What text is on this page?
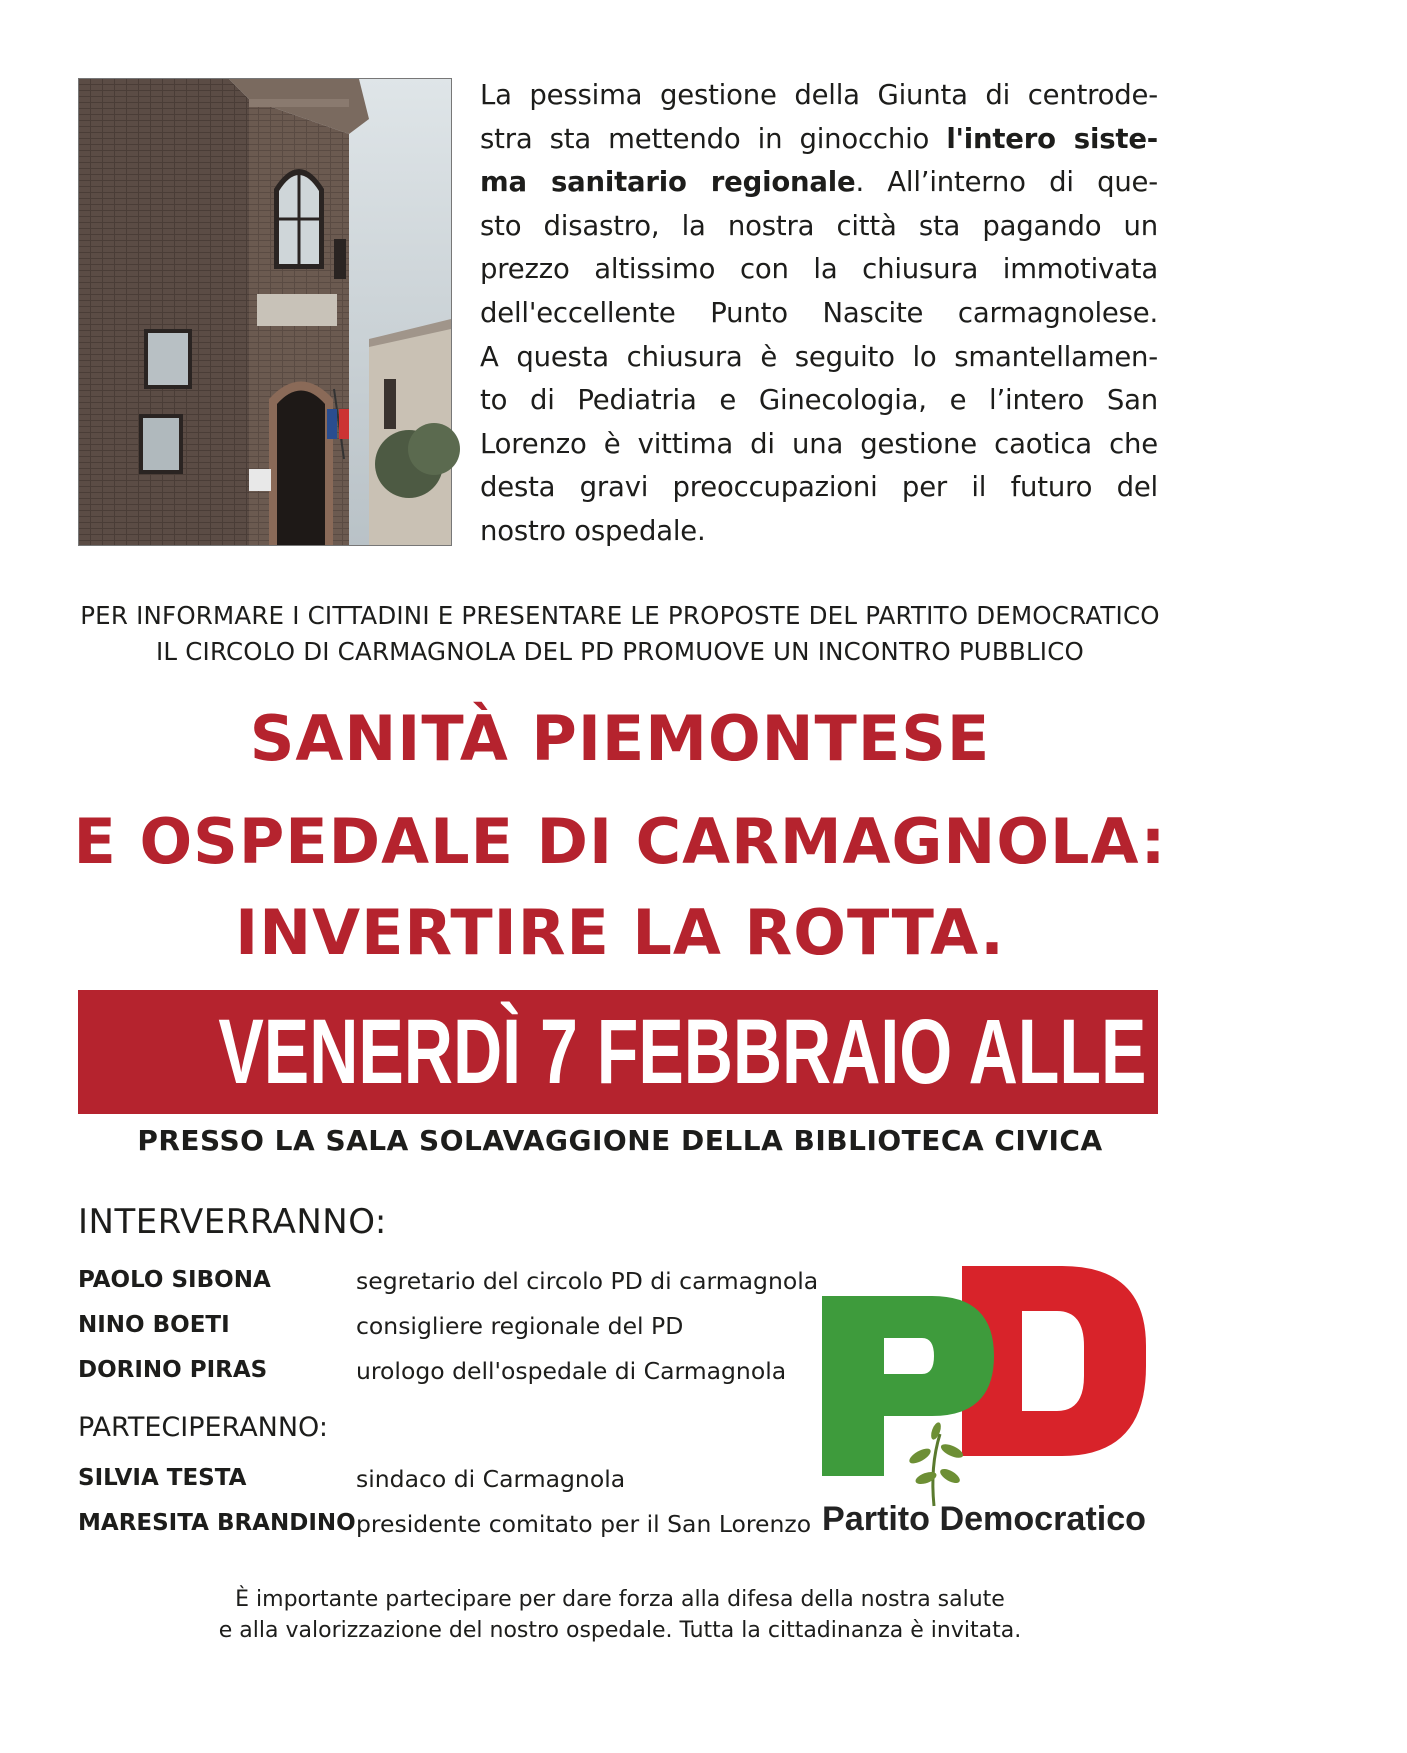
La pessima gestione della Giunta di centrode-
stra sta mettendo in ginocchio l'intero siste-
ma sanitario regionale. All’interno di que-
sto disastro, la nostra città sta pagando un
prezzo altissimo con la chiusura immotivata
dell'eccellente Punto Nascite carmagnolese.
A questa chiusura è seguito lo smantellamen-
to di Pediatria e Ginecologia, e l’intero San
Lorenzo è vittima di una gestione caotica che
desta gravi preoccupazioni per il futuro del
nostro ospedale.
PER INFORMARE I CITTADINI E PRESENTARE LE PROPOSTE DEL PARTITO DEMOCRATICO
IL CIRCOLO DI CARMAGNOLA DEL PD PROMUOVE UN INCONTRO PUBBLICO
SANITÀ PIEMONTESE
E OSPEDALE DI CARMAGNOLA:
INVERTIRE LA ROTTA.
VENERDÌ 7 FEBBRAIO ALLE ORE 21
PRESSO LA SALA SOLAVAGGIONE DELLA BIBLIOTECA CIVICA
INTERVERRANNO:
PAOLO SIBONA	segretario del circolo PD di carmagnola
NINO BOETI	consigliere regionale del PD
DORINO PIRAS	urologo dell'ospedale di Carmagnola
PARTECIPERANNO:
SILVIA TESTA	sindaco di Carmagnola
MARESITA BRANDINO presidente comitato per il San Lorenzo Partito Democratico
È importante partecipare per dare forza alla difesa della nostra salute
e alla valorizzazione del nostro ospedale. Tutta la cittadinanza è invitata.
